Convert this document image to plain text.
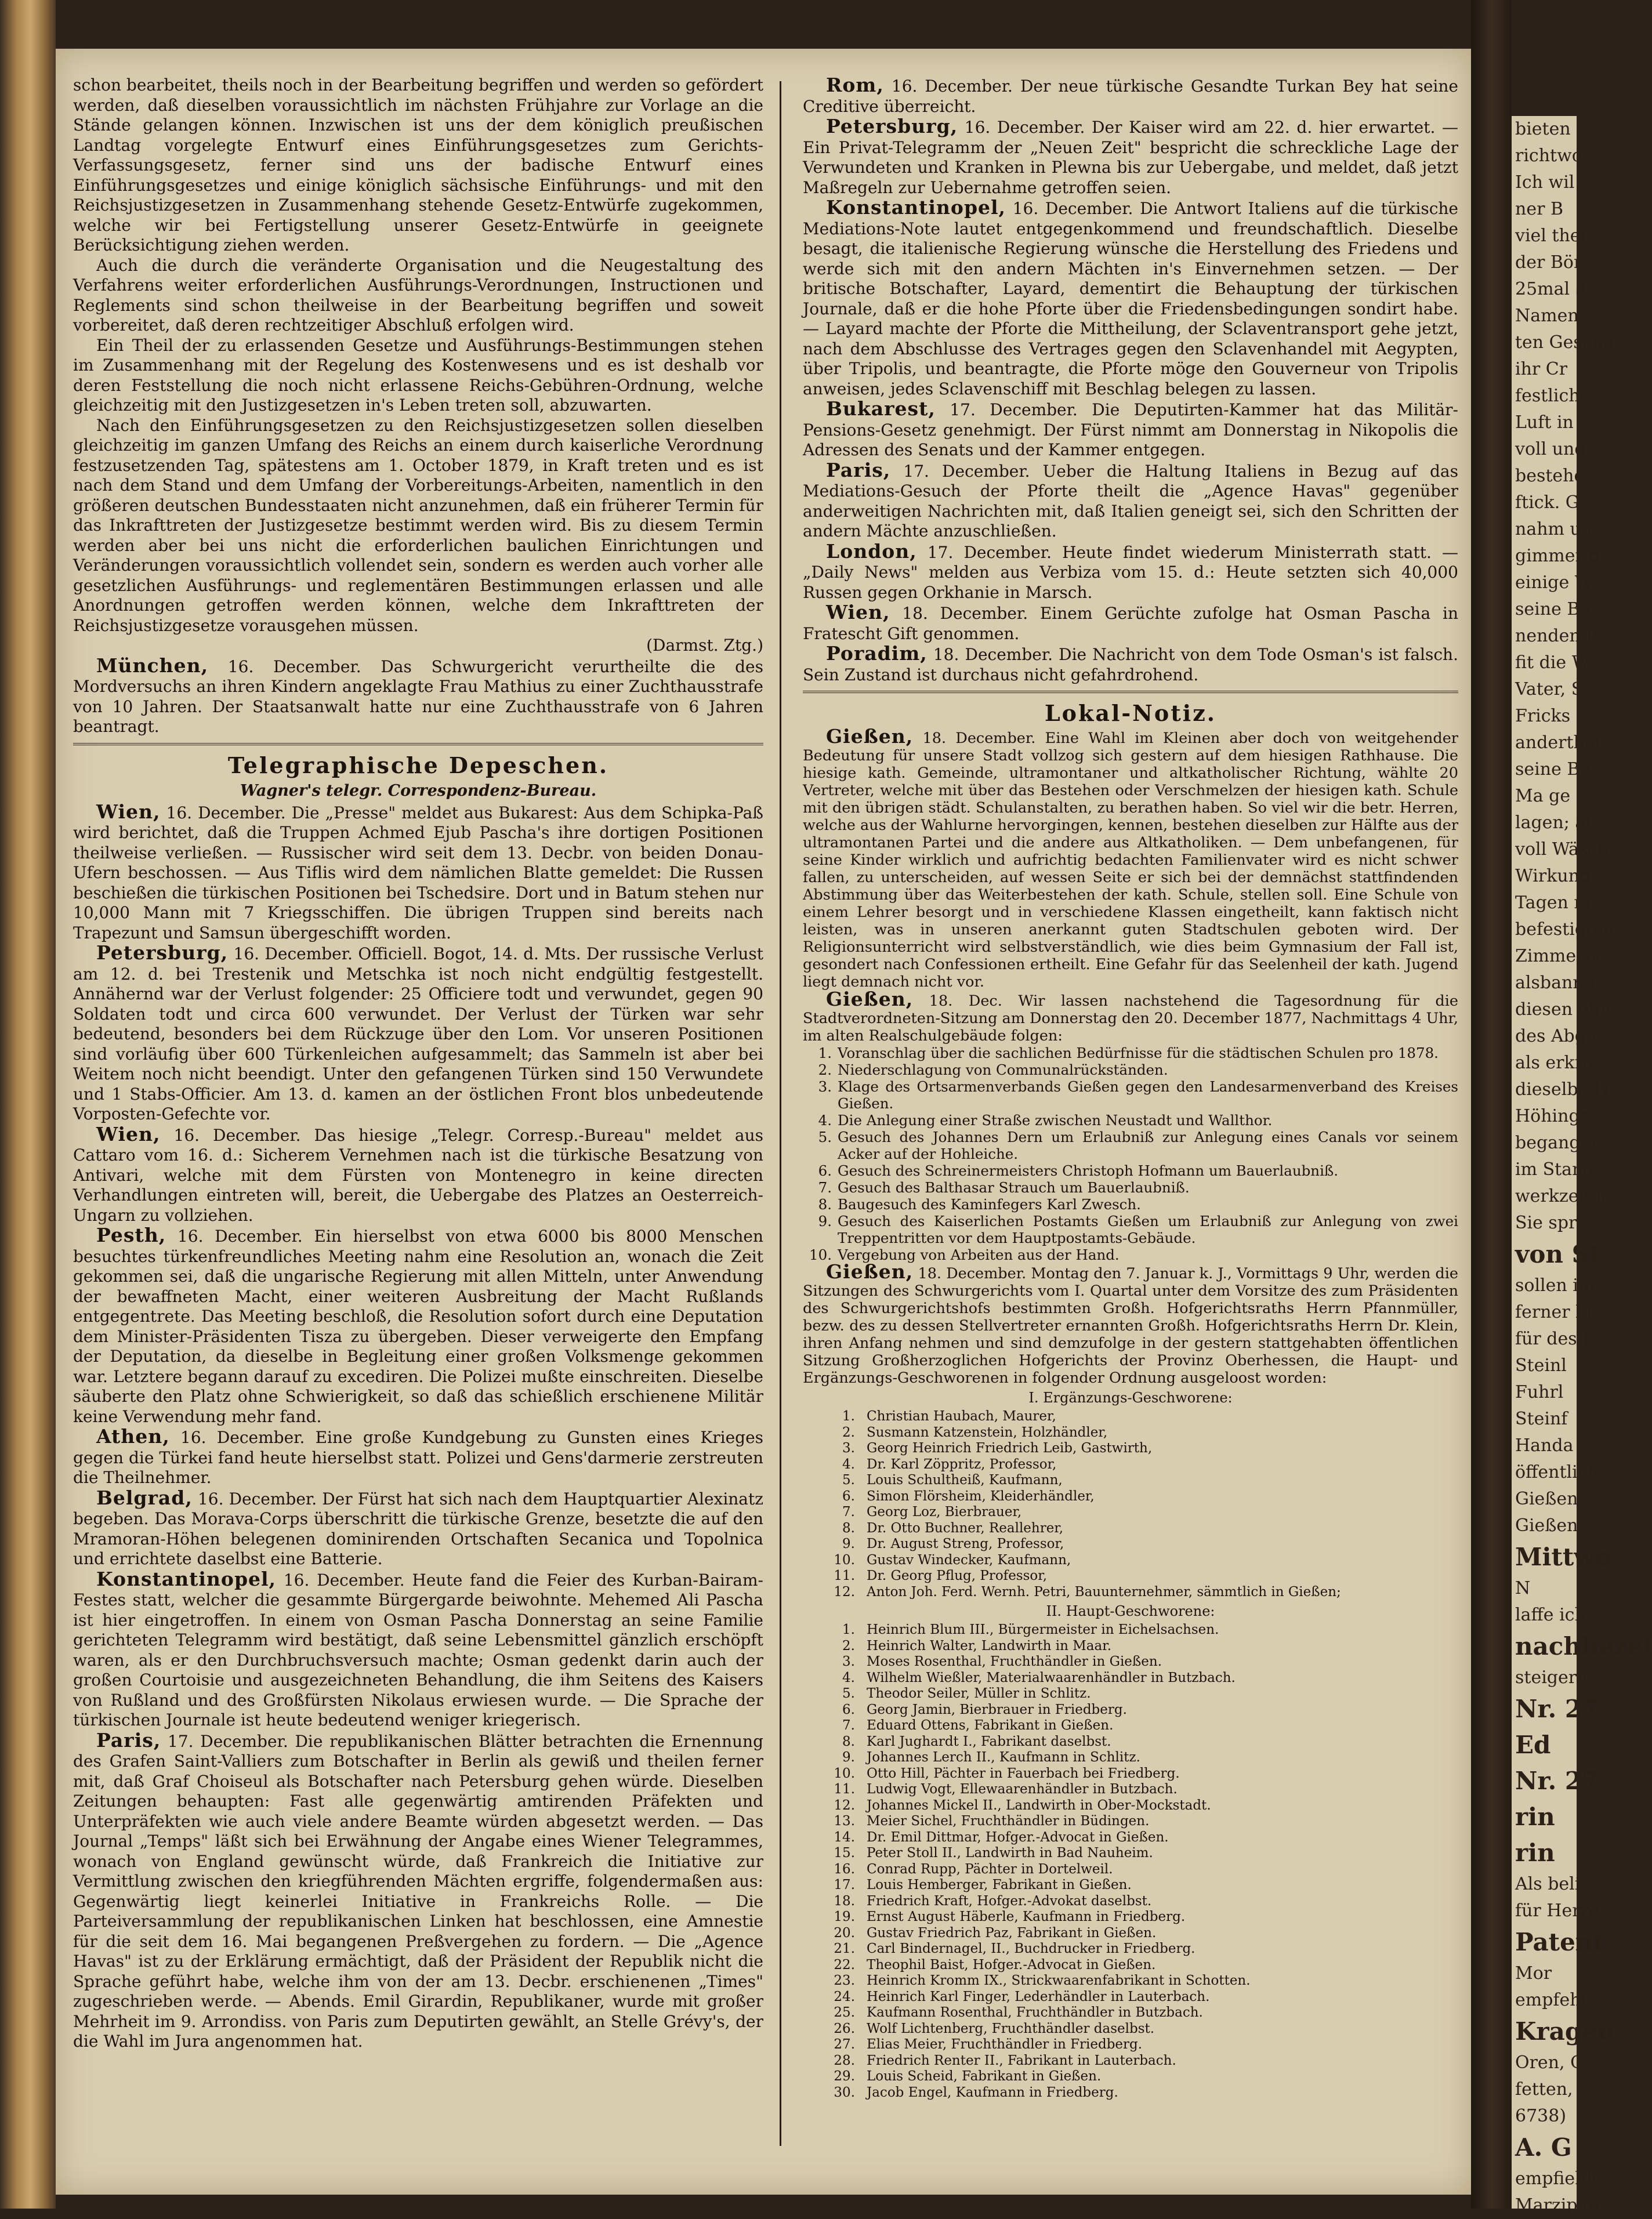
bieten f
richtwo
Ich wil
ner B
viel thei
der Bör
25mal 3
Namens
ten Geschä
ihr Cr
festliche
Luft in
voll und
bestehe
ftick. G
nahm un
gimmer g
einige W
seine Ba
nenden P
fit die W
Vater, S
Fricks
anderthal
seine Be
Ma ge
lagen; al
voll Wäsch
Wirkung
Tagen m
befestigten
Zimmerbe
alsbann f
diesen ohn
des Abga
als erkro
dieselbe H
Höhings
begangen
im Stand
werkzeuge
Sie spr
von St
sollen im
ferner bi
für des J
Steinl
Fuhrl
Steinf
Handa
öffentlich
Gießen,
Gießen
Mittwo
N
laffe ich
nachbezei
steigern
Nr. 27
Ed
Nr. 27
rin
rin
Als beli
für Herre
Patent
Mor
empfehle
Kragen
Oren, G
fetten,
6738)
A. G
empfiehlt
Marzipan

schon bearbeitet, theils noch in der Bearbeitung begriffen und werden so gefördert werden, daß dieselben voraussichtlich im nächsten Frühjahre zur Vorlage an die Stände gelangen können. Inzwischen ist uns der dem königlich preußischen Landtag vorgelegte Entwurf eines Einführungsgesetzes zum Gerichts-Verfassungsgesetz, ferner sind uns der badische Entwurf eines Einführungsgesetzes und einige königlich sächsische Einführungs- und mit den Reichsjustizgesetzen in Zusammenhang stehende Gesetz-Entwürfe zugekommen, welche wir bei Fertigstellung unserer Gesetz-Entwürfe in geeignete Berücksichtigung ziehen werden.

Auch die durch die veränderte Organisation und die Neugestaltung des Verfahrens weiter erforderlichen Ausführungs-Verordnungen, Instructionen und Reglements sind schon theilweise in der Bearbeitung begriffen und soweit vorbereitet, daß deren rechtzeitiger Abschluß erfolgen wird.

Ein Theil der zu erlassenden Gesetze und Ausführungs-Bestimmungen stehen im Zusammenhang mit der Regelung des Kostenwesens und es ist deshalb vor deren Feststellung die noch nicht erlassene Reichs-Gebühren-Ordnung, welche gleichzeitig mit den Justizgesetzen in's Leben treten soll, abzuwarten.

Nach den Einführungsgesetzen zu den Reichsjustizgesetzen sollen dieselben gleichzeitig im ganzen Umfang des Reichs an einem durch kaiserliche Verordnung festzusetzenden Tag, spätestens am 1. October 1879, in Kraft treten und es ist nach dem Stand und dem Umfang der Vorbereitungs-Arbeiten, namentlich in den größeren deutschen Bundesstaaten nicht anzunehmen, daß ein früherer Termin für das Inkrafttreten der Justizgesetze bestimmt werden wird. Bis zu diesem Termin werden aber bei uns nicht die erforderlichen baulichen Einrichtungen und Veränderungen voraussichtlich vollendet sein, sondern es werden auch vorher alle gesetzlichen Ausführungs- und reglementären Bestimmungen erlassen und alle Anordnungen getroffen werden können, welche dem Inkrafttreten der Reichsjustizgesetze vorausgehen müssen.

(Darmst. Ztg.)

München, 16. December. Das Schwurgericht verurtheilte die des Mordversuchs an ihren Kindern angeklagte Frau Mathius zu einer Zuchthausstrafe von 10 Jahren. Der Staatsanwalt hatte nur eine Zuchthausstrafe von 6 Jahren beantragt.

Telegraphische Depeschen.
Wagner's telegr. Correspondenz-Bureau.

Wien, 16. December. Die „Presse" meldet aus Bukarest: Aus dem Schipka-Paß wird berichtet, daß die Truppen Achmed Ejub Pascha's ihre dortigen Positionen theilweise verließen. — Russischer wird seit dem 13. Decbr. von beiden Donau-Ufern beschossen. — Aus Tiflis wird dem nämlichen Blatte gemeldet: Die Russen beschießen die türkischen Positionen bei Tschedsire. Dort und in Batum stehen nur 10,000 Mann mit 7 Kriegsschiffen. Die übrigen Truppen sind bereits nach Trapezunt und Samsun übergeschifft worden.

Petersburg, 16. December. Officiell. Bogot, 14. d. Mts. Der russische Verlust am 12. d. bei Trestenik und Metschka ist noch nicht endgültig festgestellt. Annähernd war der Verlust folgender: 25 Officiere todt und verwundet, gegen 90 Soldaten todt und circa 600 verwundet. Der Verlust der Türken war sehr bedeutend, besonders bei dem Rückzuge über den Lom. Vor unseren Positionen sind vorläufig über 600 Türkenleichen aufgesammelt; das Sammeln ist aber bei Weitem noch nicht beendigt. Unter den gefangenen Türken sind 150 Verwundete und 1 Stabs-Officier. Am 13. d. kamen an der östlichen Front blos unbedeutende Vorposten-Gefechte vor.

Wien, 16. December. Das hiesige „Telegr. Corresp.-Bureau" meldet aus Cattaro vom 16. d.: Sicherem Vernehmen nach ist die türkische Besatzung von Antivari, welche mit dem Fürsten von Montenegro in keine directen Verhandlungen eintreten will, bereit, die Uebergabe des Platzes an Oesterreich-Ungarn zu vollziehen.

Pesth, 16. December. Ein hierselbst von etwa 6000 bis 8000 Menschen besuchtes türkenfreundliches Meeting nahm eine Resolution an, wonach die Zeit gekommen sei, daß die ungarische Regierung mit allen Mitteln, unter Anwendung der bewaffneten Macht, einer weiteren Ausbreitung der Macht Rußlands entgegentrete. Das Meeting beschloß, die Resolution sofort durch eine Deputation dem Minister-Präsidenten Tisza zu übergeben. Dieser verweigerte den Empfang der Deputation, da dieselbe in Begleitung einer großen Volksmenge gekommen war. Letztere begann darauf zu excediren. Die Polizei mußte einschreiten. Dieselbe säuberte den Platz ohne Schwierigkeit, so daß das schießlich erschienene Militär keine Verwendung mehr fand.

Athen, 16. December. Eine große Kundgebung zu Gunsten eines Krieges gegen die Türkei fand heute hierselbst statt. Polizei und Gens'darmerie zerstreuten die Theilnehmer.

Belgrad, 16. December. Der Fürst hat sich nach dem Hauptquartier Alexinatz begeben. Das Morava-Corps überschritt die türkische Grenze, besetzte die auf den Mramoran-Höhen belegenen dominirenden Ortschaften Secanica und Topolnica und errichtete daselbst eine Batterie.

Konstantinopel, 16. December. Heute fand die Feier des Kurban-Bairam-Festes statt, welcher die gesammte Bürgergarde beiwohnte. Mehemed Ali Pascha ist hier eingetroffen. In einem von Osman Pascha Donnerstag an seine Familie gerichteten Telegramm wird bestätigt, daß seine Lebensmittel gänzlich erschöpft waren, als er den Durchbruchsversuch machte; Osman gedenkt darin auch der großen Courtoisie und ausgezeichneten Behandlung, die ihm Seitens des Kaisers von Rußland und des Großfürsten Nikolaus erwiesen wurde. — Die Sprache der türkischen Journale ist heute bedeutend weniger kriegerisch.

Paris, 17. December. Die republikanischen Blätter betrachten die Ernennung des Grafen Saint-Valliers zum Botschafter in Berlin als gewiß und theilen ferner mit, daß Graf Choiseul als Botschafter nach Petersburg gehen würde. Dieselben Zeitungen behaupten: Fast alle gegenwärtig amtirenden Präfekten und Unterpräfekten wie auch viele andere Beamte würden abgesetzt werden. — Das Journal „Temps" läßt sich bei Erwähnung der Angabe eines Wiener Telegrammes, wonach von England gewünscht würde, daß Frankreich die Initiative zur Vermittlung zwischen den kriegführenden Mächten ergriffe, folgendermaßen aus: Gegenwärtig liegt keinerlei Initiative in Frankreichs Rolle. — Die Parteiversammlung der republikanischen Linken hat beschlossen, eine Amnestie für die seit dem 16. Mai begangenen Preßvergehen zu fordern. — Die „Agence Havas" ist zu der Erklärung ermächtigt, daß der Präsident der Republik nicht die Sprache geführt habe, welche ihm von der am 13. Decbr. erschienenen „Times" zugeschrieben werde. — Abends. Emil Girardin, Republikaner, wurde mit großer Mehrheit im 9. Arrondiss. von Paris zum Deputirten gewählt, an Stelle Grévy's, der die Wahl im Jura angenommen hat.

Rom, 16. December. Der neue türkische Gesandte Turkan Bey hat seine Creditive überreicht.

Petersburg, 16. December. Der Kaiser wird am 22. d. hier erwartet. — Ein Privat-Telegramm der „Neuen Zeit" bespricht die schreckliche Lage der Verwundeten und Kranken in Plewna bis zur Uebergabe, und meldet, daß jetzt Maßregeln zur Uebernahme getroffen seien.

Konstantinopel, 16. December. Die Antwort Italiens auf die türkische Mediations-Note lautet entgegenkommend und freundschaftlich. Dieselbe besagt, die italienische Regierung wünsche die Herstellung des Friedens und werde sich mit den andern Mächten in's Einvernehmen setzen. — Der britische Botschafter, Layard, dementirt die Behauptung der türkischen Journale, daß er die hohe Pforte über die Friedensbedingungen sondirt habe. — Layard machte der Pforte die Mittheilung, der Sclaventransport gehe jetzt, nach dem Abschlusse des Vertrages gegen den Sclavenhandel mit Aegypten, über Tripolis, und beantragte, die Pforte möge den Gouverneur von Tripolis anweisen, jedes Sclavenschiff mit Beschlag belegen zu lassen.

Bukarest, 17. December. Die Deputirten-Kammer hat das Militär-Pensions-Gesetz genehmigt. Der Fürst nimmt am Donnerstag in Nikopolis die Adressen des Senats und der Kammer entgegen.

Paris, 17. December. Ueber die Haltung Italiens in Bezug auf das Mediations-Gesuch der Pforte theilt die „Agence Havas" gegenüber anderweitigen Nachrichten mit, daß Italien geneigt sei, sich den Schritten der andern Mächte anzuschließen.

London, 17. December. Heute findet wiederum Ministerrath statt. — „Daily News" melden aus Verbiza vom 15. d.: Heute setzten sich 40,000 Russen gegen Orkhanie in Marsch.

Wien, 18. December. Einem Gerüchte zufolge hat Osman Pascha in Fratescht Gift genommen.

Poradim, 18. December. Die Nachricht von dem Tode Osman's ist falsch. Sein Zustand ist durchaus nicht gefahrdrohend.

Lokal-Notiz.

Gießen, 18. December. Eine Wahl im Kleinen aber doch von weitgehender Bedeutung für unsere Stadt vollzog sich gestern auf dem hiesigen Rathhause. Die hiesige kath. Gemeinde, ultramontaner und altkatholischer Richtung, wählte 20 Vertreter, welche mit über das Bestehen oder Verschmelzen der hiesigen kath. Schule mit den übrigen städt. Schulanstalten, zu berathen haben. So viel wir die betr. Herren, welche aus der Wahlurne hervorgingen, kennen, bestehen dieselben zur Hälfte aus der ultramontanen Partei und die andere aus Altkatholiken. — Dem unbefangenen, für seine Kinder wirklich und aufrichtig bedachten Familienvater wird es nicht schwer fallen, zu unterscheiden, auf wessen Seite er sich bei der demnächst stattfindenden Abstimmung über das Weiterbestehen der kath. Schule, stellen soll. Eine Schule von einem Lehrer besorgt und in verschiedene Klassen eingetheilt, kann faktisch nicht leisten, was in unseren anerkannt guten Stadtschulen geboten wird. Der Religionsunterricht wird selbstverständlich, wie dies beim Gymnasium der Fall ist, gesondert nach Confessionen ertheilt. Eine Gefahr für das Seelenheil der kath. Jugend liegt demnach nicht vor.

Gießen, 18. Dec. Wir lassen nachstehend die Tagesordnung für die Stadtverordneten-Sitzung am Donnerstag den 20. December 1877, Nachmittags 4 Uhr, im alten Realschulgebäude folgen:

1. Voranschlag über die sachlichen Bedürfnisse für die städtischen Schulen pro 1878.
2. Niederschlagung von Communalrückständen.
3. Klage des Ortsarmenverbands Gießen gegen den Landesarmenverband des Kreises Gießen.
4. Die Anlegung einer Straße zwischen Neustadt und Wallthor.
5. Gesuch des Johannes Dern um Erlaubniß zur Anlegung eines Canals vor seinem Acker auf der Hohleiche.
6. Gesuch des Schreinermeisters Christoph Hofmann um Bauerlaubniß.
7. Gesuch des Balthasar Strauch um Bauerlaubniß.
8. Baugesuch des Kaminfegers Karl Zwesch.
9. Gesuch des Kaiserlichen Postamts Gießen um Erlaubniß zur Anlegung von zwei Treppentritten vor dem Hauptpostamts-Gebäude.
10. Vergebung von Arbeiten aus der Hand.

Gießen, 18. December. Montag den 7. Januar k. J., Vormittags 9 Uhr, werden die Sitzungen des Schwurgerichts vom I. Quartal unter dem Vorsitze des zum Präsidenten des Schwurgerichtshofs bestimmten Großh. Hofgerichtsraths Herrn Pfannmüller, bezw. des zu dessen Stellvertreter ernannten Großh. Hofgerichtsraths Herrn Dr. Klein, ihren Anfang nehmen und sind demzufolge in der gestern stattgehabten öffentlichen Sitzung Großherzoglichen Hofgerichts der Provinz Oberhessen, die Haupt- und Ergänzungs-Geschworenen in folgender Ordnung ausgeloost worden:

I. Ergänzungs-Geschworene:
1. Christian Haubach, Maurer,
2. Susmann Katzenstein, Holzhändler,
3. Georg Heinrich Friedrich Leib, Gastwirth,
4. Dr. Karl Zöppritz, Professor,
5. Louis Schultheiß, Kaufmann,
6. Simon Flörsheim, Kleiderhändler,
7. Georg Loz, Bierbrauer,
8. Dr. Otto Buchner, Reallehrer,
9. Dr. August Streng, Professor,
10. Gustav Windecker, Kaufmann,
11. Dr. Georg Pflug, Professor,
12. Anton Joh. Ferd. Wernh. Petri, Bauunternehmer, sämmtlich in Gießen;
II. Haupt-Geschworene:
1. Heinrich Blum III., Bürgermeister in Eichelsachsen.
2. Heinrich Walter, Landwirth in Maar.
3. Moses Rosenthal, Fruchthändler in Gießen.
4. Wilhelm Wießler, Materialwaarenhändler in Butzbach.
5. Theodor Seiler, Müller in Schlitz.
6. Georg Jamin, Bierbrauer in Friedberg.
7. Eduard Ottens, Fabrikant in Gießen.
8. Karl Jughardt I., Fabrikant daselbst.
9. Johannes Lerch II., Kaufmann in Schlitz.
10. Otto Hill, Pächter in Fauerbach bei Friedberg.
11. Ludwig Vogt, Ellewaarenhändler in Butzbach.
12. Johannes Mickel II., Landwirth in Ober-Mockstadt.
13. Meier Sichel, Fruchthändler in Büdingen.
14. Dr. Emil Dittmar, Hofger.-Advocat in Gießen.
15. Peter Stoll II., Landwirth in Bad Nauheim.
16. Conrad Rupp, Pächter in Dortelweil.
17. Louis Hemberger, Fabrikant in Gießen.
18. Friedrich Kraft, Hofger.-Advokat daselbst.
19. Ernst August Häberle, Kaufmann in Friedberg.
20. Gustav Friedrich Paz, Fabrikant in Gießen.
21. Carl Bindernagel, II., Buchdrucker in Friedberg.
22. Theophil Baist, Hofger.-Advocat in Gießen.
23. Heinrich Kromm IX., Strickwaarenfabrikant in Schotten.
24. Heinrich Karl Finger, Lederhändler in Lauterbach.
25. Kaufmann Rosenthal, Fruchthändler in Butzbach.
26. Wolf Lichtenberg, Fruchthändler daselbst.
27. Elias Meier, Fruchthändler in Friedberg.
28. Friedrich Renter II., Fabrikant in Lauterbach.
29. Louis Scheid, Fabrikant in Gießen.
30. Jacob Engel, Kaufmann in Friedberg.
